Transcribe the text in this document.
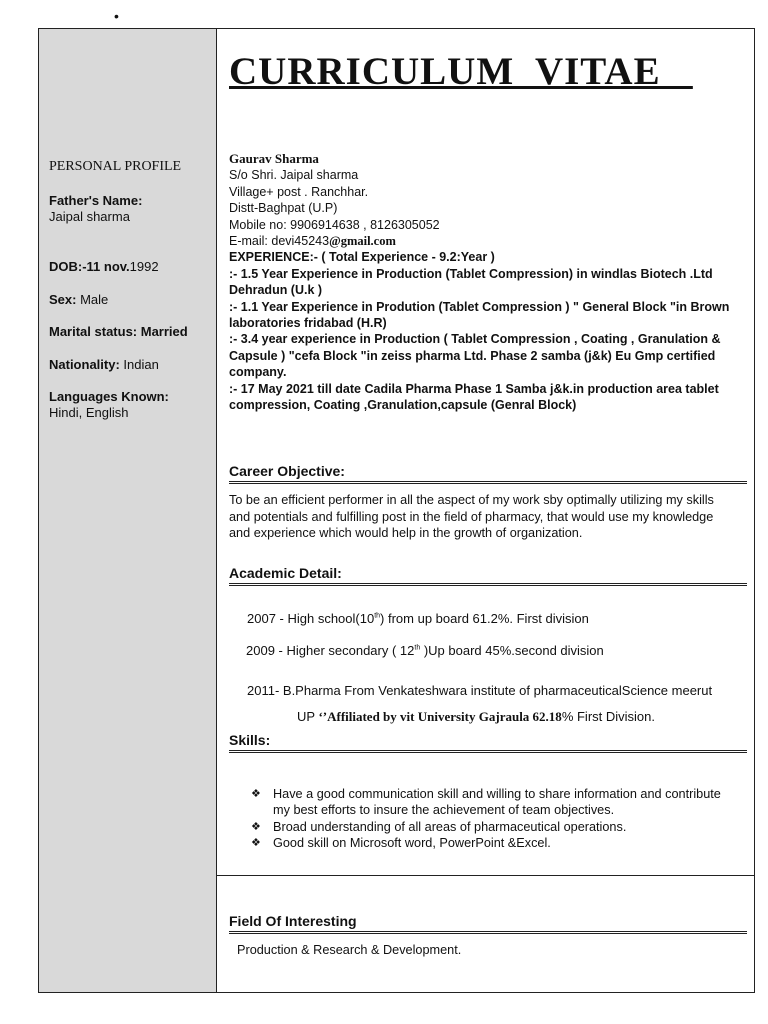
•
PERSONAL PROFILE
Father's Name:
Jaipal sharma
DOB:-11 nov.1992
Sex: Male
Marital status: Married
Nationality: Indian
Languages Known:
Hindi, English
CURRICULUM  VITAE
Gaurav Sharma
S/o Shri. Jaipal sharma
Village+ post . Ranchhar.
Distt-Baghpat (U.P)
Mobile no: 9906914638 , 8126305052
E-mail: devi45243@gmail.com
EXPERIENCE:- ( Total Experience - 9.2:Year )
:- 1.5 Year Experience in Production (Tablet Compression) in windlas Biotech .Ltd Dehradun (U.k )
:- 1.1 Year Experience in Prodution (Tablet Compression ) " General Block "in Brown laboratories fridabad (H.R)
:- 3.4 year experience in Production ( Tablet Compression , Coating , Granulation & Capsule ) "cefa Block "in zeiss pharma Ltd. Phase 2 samba (j&k) Eu Gmp certified company.
:- 17 May 2021 till date Cadila Pharma Phase 1 Samba j&k.in production area tablet compression, Coating ,Granulation,capsule (Genral Block)
Career Objective:
To be an efficient performer in all the aspect of my work sby optimally utilizing my skills and potentials and fulfilling post in the field of pharmacy, that would use my knowledge and experience which would help in the growth of organization.
Academic Detail:
2007 - High school(10th) from up board 61.2%. First division
2009 - Higher secondary ( 12th )Up board 45%.second division
2011- B.Pharma From Venkateshwara institute of pharmaceuticalScience meerut
UP ‘’Affiliated by vit University Gajraula 62.18% First Division.
Skills:
❖ Have a good communication skill and willing to share information and contribute my best efforts to insure the achievement of team objectives.
❖ Broad understanding of all areas of pharmaceutical operations.
❖ Good skill on Microsoft word, PowerPoint &Excel.
Field Of Interesting
Production & Research & Development.
